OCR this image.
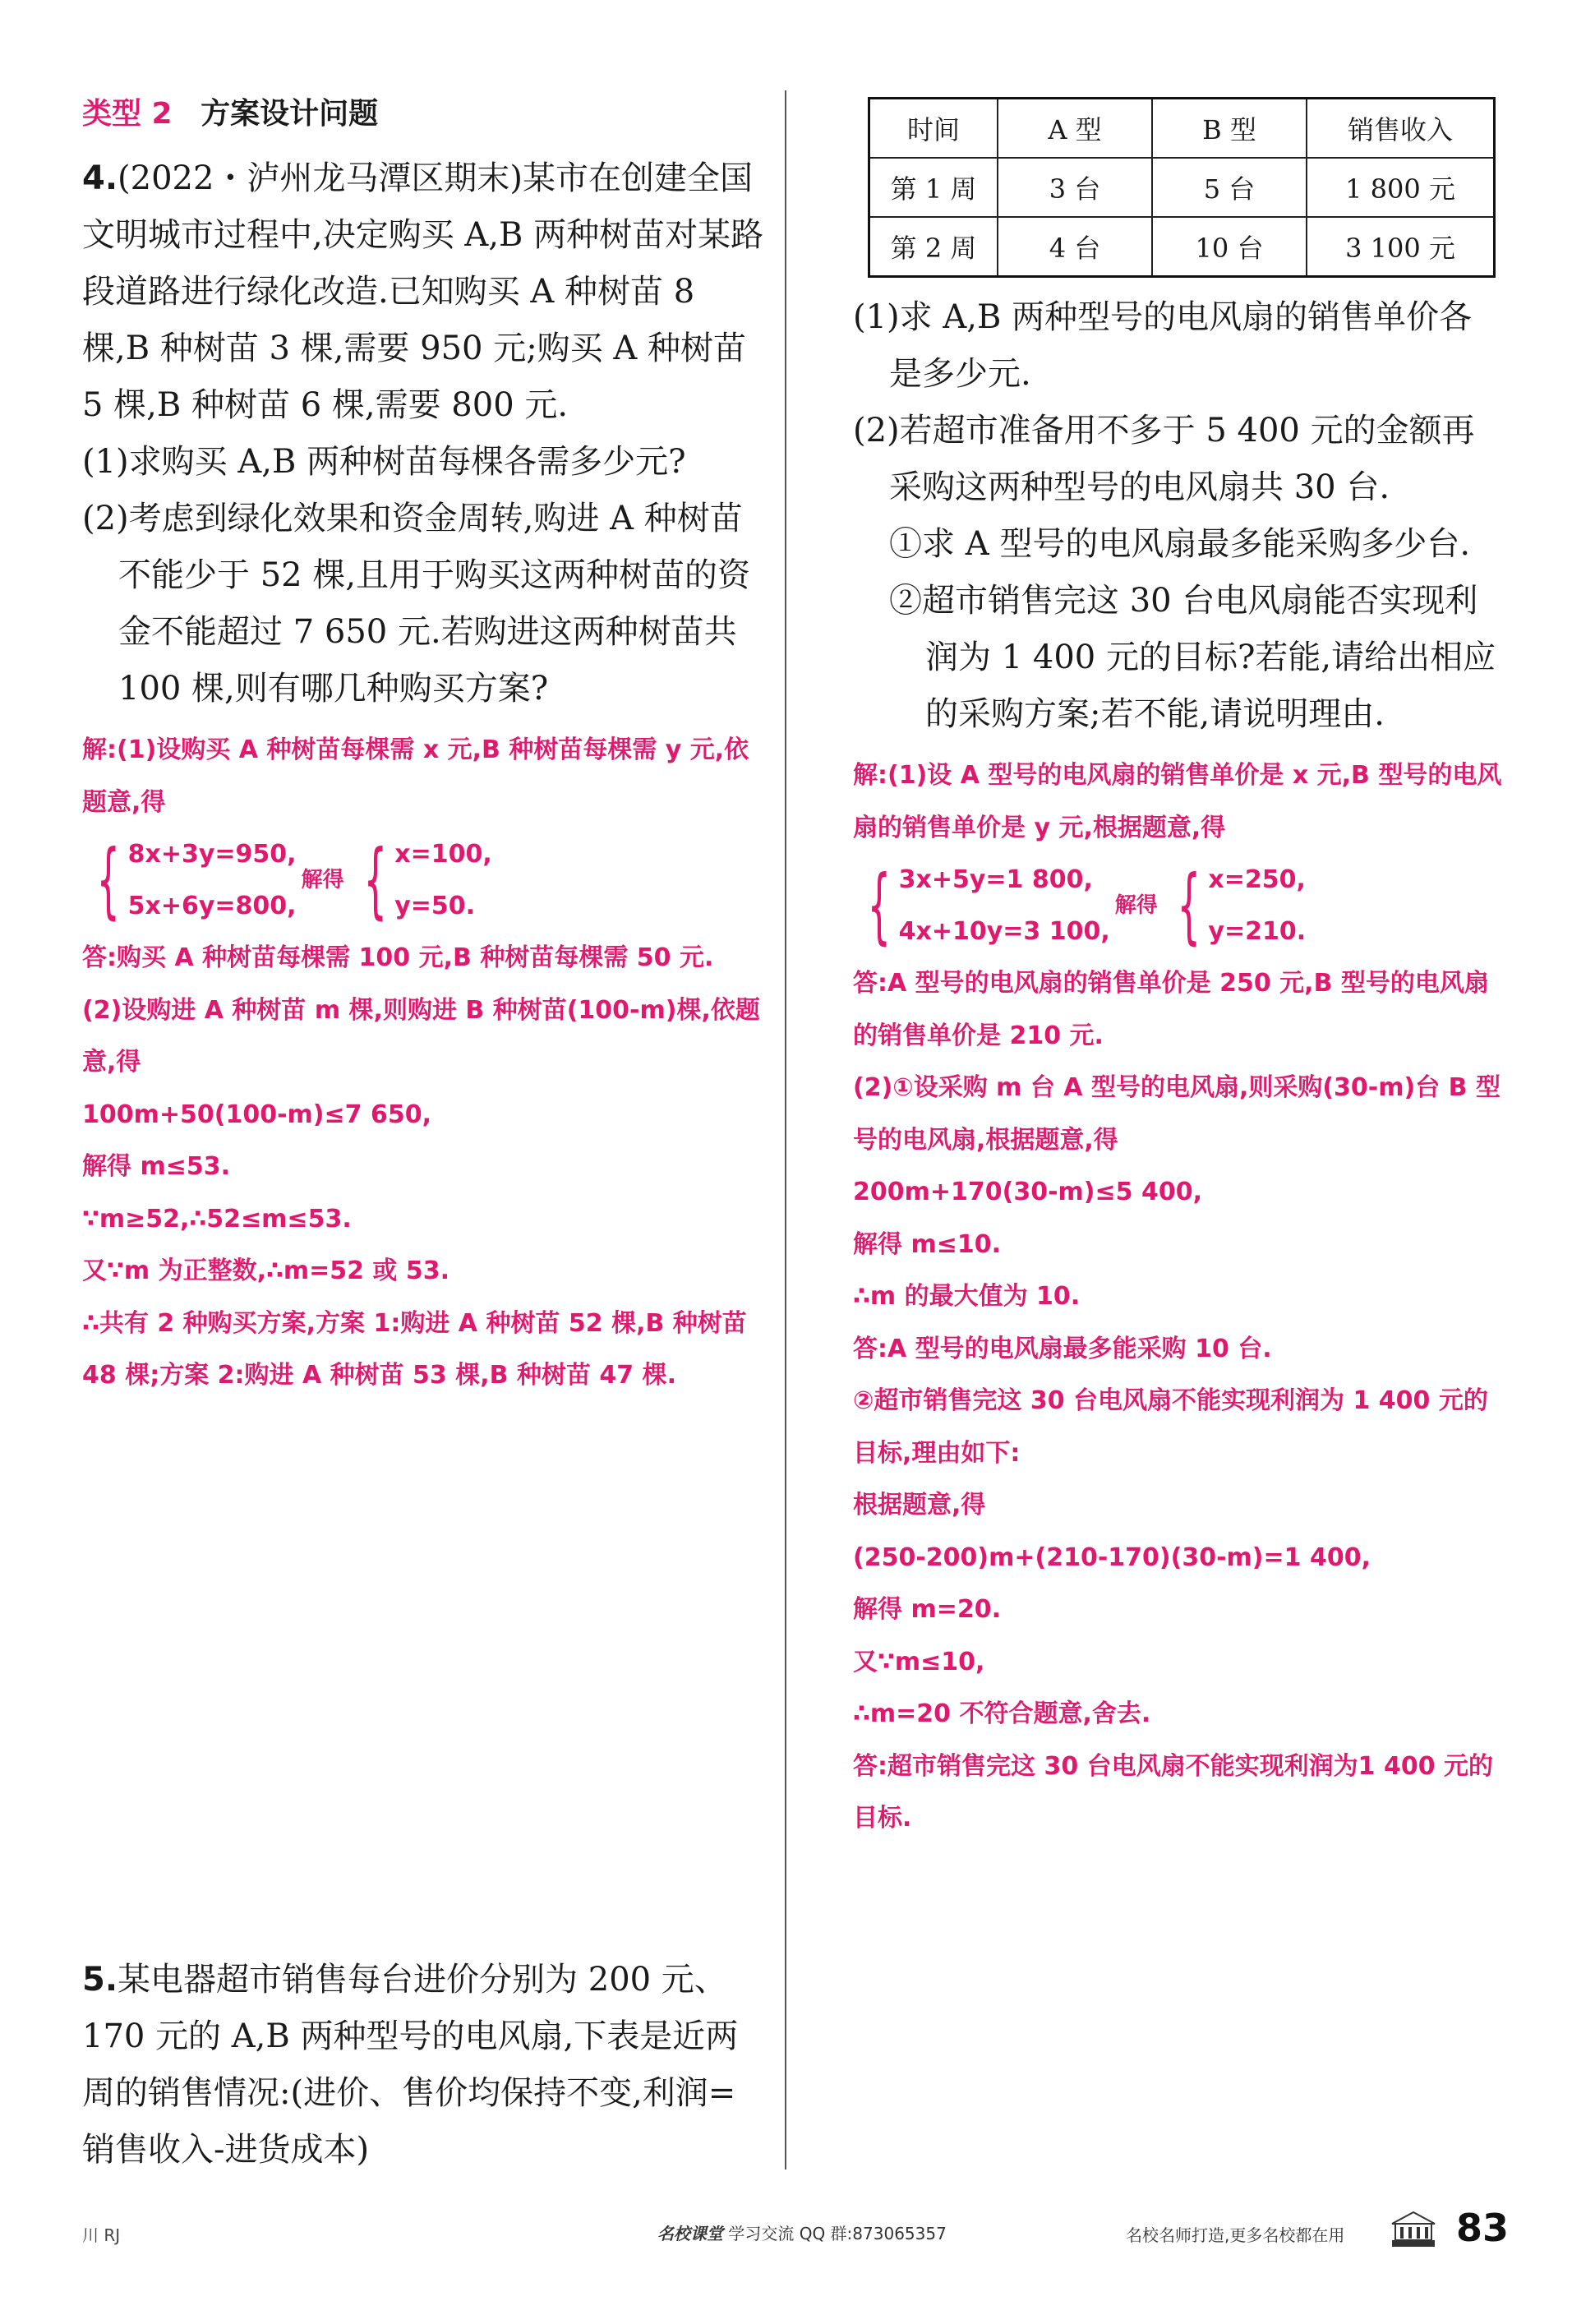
类型 2 方案设计问题
4.(2022・泸州龙马潭区期末)某市在创建全国文明城市过程中,决定购买 A,B 两种树苗对某路段道路进行绿化改造.已知购买 A 种树苗 8 棵,B 种树苗 3 棵,需要 950 元;购买 A 种树苗 5 棵,B 种树苗 6 棵,需要 800 元.
(1)求购买 A,B 两种树苗每棵各需多少元?
(2)考虑到绿化效果和资金周转,购进 A 种树苗不能少于 52 棵,且用于购买这两种树苗的资金不能超过 7 650 元.若购进这两种树苗共 100 棵,则有哪几种购买方案?
解:(1)设购买 A 种树苗每棵需 x 元,B 种树苗每棵需 y 元,依题意,得
{ 8x+3y=950,
5x+6y=800,
解得 { x=100,
y=50.
答:购买 A 种树苗每棵需 100 元,B 种树苗每棵需 50 元.
(2)设购进 A 种树苗 m 棵,则购进 B 种树苗(100-m)棵,依题意,得
100m+50(100-m)≤7 650,
解得 m≤53.
∵m≥52,∴52≤m≤53.
又∵m 为正整数,∴m=52 或 53.
∴共有 2 种购买方案,方案 1:购进 A 种树苗 52 棵,B 种树苗 48 棵;方案 2:购进 A 种树苗 53 棵,B 种树苗 47 棵.
5.某电器超市销售每台进价分别为 200 元、170 元的 A,B 两种型号的电风扇,下表是近两周的销售情况:(进价、售价均保持不变,利润=销售收入-进货成本)
时间	A 型	B 型	销售收入
第 1 周	3 台	5 台	1 800 元
第 2 周	4 台	10 台	3 100 元
(1)求 A,B 两种型号的电风扇的销售单价各是多少元.
(2)若超市准备用不多于 5 400 元的金额再采购这两种型号的电风扇共 30 台.
①求 A 型号的电风扇最多能采购多少台.
②超市销售完这 30 台电风扇能否实现利润为 1 400 元的目标?若能,请给出相应的采购方案;若不能,请说明理由.
解:(1)设 A 型号的电风扇的销售单价是 x 元,B 型号的电风扇的销售单价是 y 元,根据题意,得
{ 3x+5y=1 800,
4x+10y=3 100,
解得 { x=250,
y=210.
答:A 型号的电风扇的销售单价是 250 元,B 型号的电风扇的销售单价是 210 元.
(2)①设采购 m 台 A 型号的电风扇,则采购(30-m)台 B 型号的电风扇,根据题意,得
200m+170(30-m)≤5 400,
解得 m≤10.
∴m 的最大值为 10.
答:A 型号的电风扇最多能采购 10 台.
②超市销售完这 30 台电风扇不能实现利润为 1 400 元的目标,理由如下:
根据题意,得
(250-200)m+(210-170)(30-m)=1 400,
解得 m=20.
又∵m≤10,
∴m=20 不符合题意,舍去.
答:超市销售完这 30 台电风扇不能实现利润为1 400 元的目标.
川 RJ	名校课堂 学习交流 QQ 群:873065357	名校名师打造,更多名校都在用	83
